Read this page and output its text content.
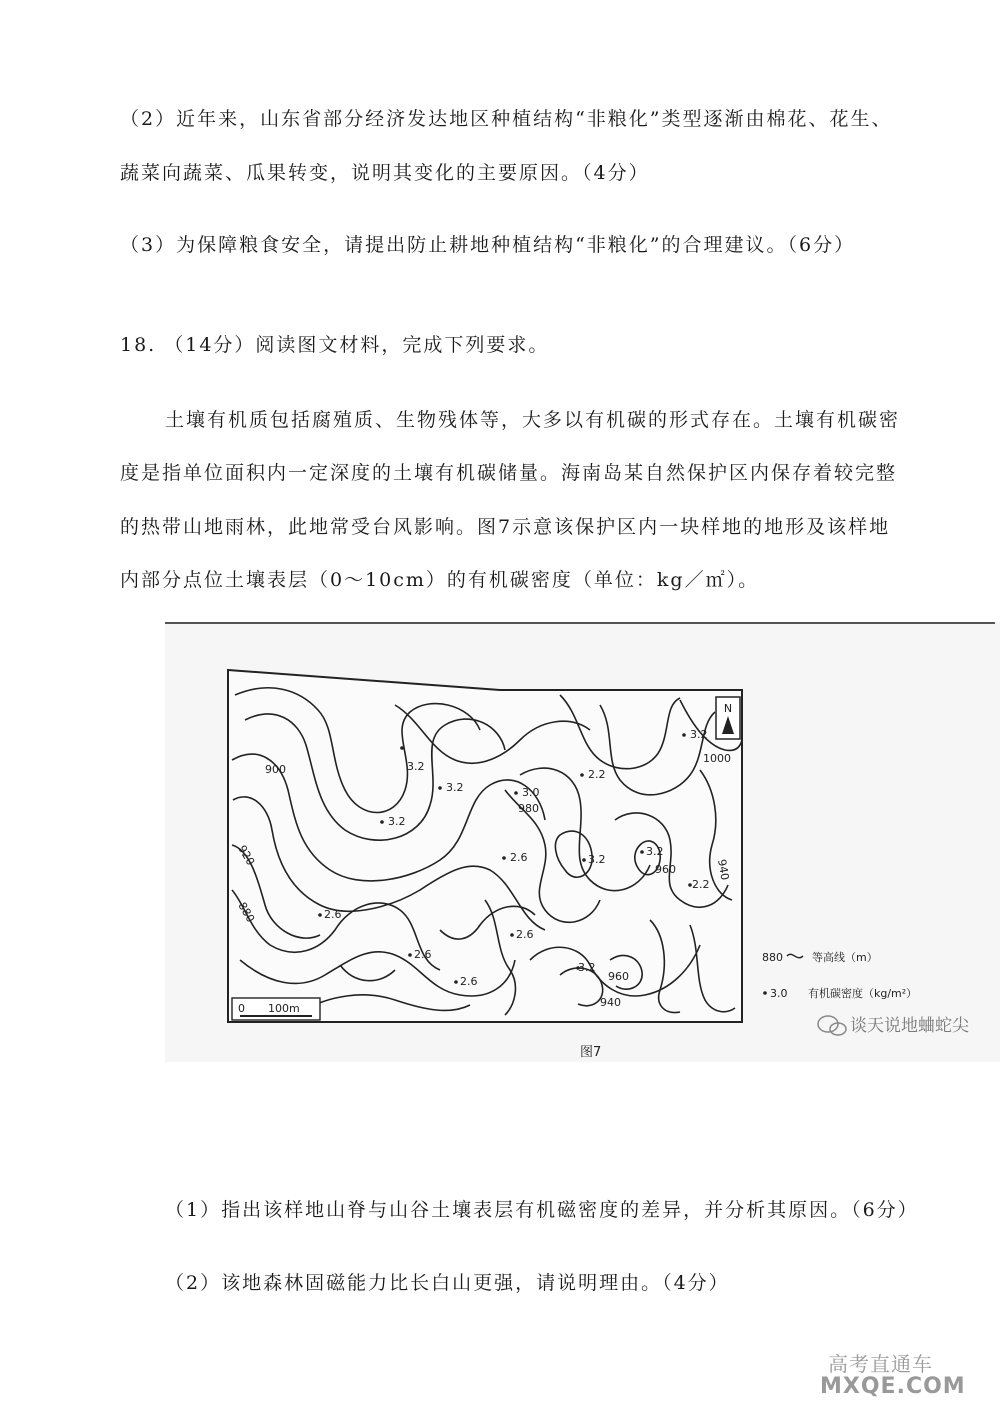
（2）近年来，山东省部分经济发达地区种植结构“非粮化”类型逐渐由棉花、花生、
蔬菜向蔬菜、瓜果转变，说明其变化的主要原因。（4分）
（3）为保障粮食安全，请提出防止耕地种植结构“非粮化”的合理建议。（6分）
18. （14分）阅读图文材料，完成下列要求。
土壤有机质包括腐殖质、生物残体等，大多以有机碳的形式存在。土壤有机碳密
度是指单位面积内一定深度的土壤有机碳储量。海南岛某自然保护区内保存着较完整
的热带山地雨林，此地常受台风影响。图7示意该保护区内一块样地的地形及该样地
内部分点位土壤表层（0～10cm）的有机碳密度（单位：kg／㎡）。
N
0 100m
900
920
880
980
960	940
960
940
1000
3.2
3.2
3.2
3.2
3.0
2.2
2.6	3.2
3.2
2.2
2.6
2.6
2.6
2.6
3.2
880	等高线（m）
3.0 有机碳密度（kg/m²）
图7
谈天说地蛐蛇尖
（1）指出该样地山脊与山谷土壤表层有机磁密度的差异，并分析其原因。（6分）
（2）该地森林固磁能力比长白山更强，请说明理由。（4分）
高考直通车
MXQE.COM
